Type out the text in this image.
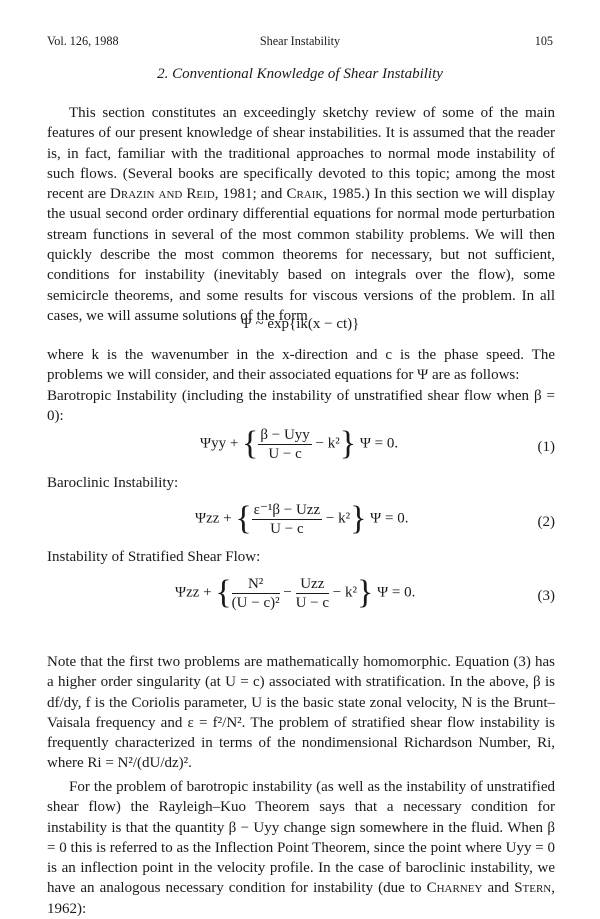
Vol. 126, 1988	Shear Instability	105
2. Conventional Knowledge of Shear Instability
This section constitutes an exceedingly sketchy review of some of the main features of our present knowledge of shear instabilities. It is assumed that the reader is, in fact, familiar with the traditional approaches to normal mode instability of such flows. (Several books are specifically devoted to this topic; among the most recent are Drazin and Reid, 1981; and Craik, 1985.) In this section we will display the usual second order ordinary differential equations for normal mode perturbation stream functions in several of the most common stability problems. We will then quickly describe the most common theorems for necessary, but not sufficient, conditions for instability (inevitably based on integrals over the flow), some semicircle theorems, and some results for viscous versions of the problem. In all cases, we will assume solutions of the form
Ψ ~ exp{ik(x − ct)}
where k is the wavenumber in the x-direction and c is the phase speed. The problems we will consider, and their associated equations for Ψ are as follows:
Barotropic Instability (including the instability of unstratified shear flow when β = 0):
Ψyy + { $\frac{\text{β − Uyy}}{U - c} - k^2$} Ψ = 0.	(1)
Baroclinic Instability:
Ψzz + { $\frac{\text{ε⁻¹β − Uzz}}{U - c} - k^2$} Ψ = 0.	(2)
Instability of Stratified Shear Flow:
Ψzz + { $\frac{\text{N²}}{\text{(U − c)²}} - \frac{\text{Uzz}}{U - c} - k^2$} Ψ = 0.	(3)
Note that the first two problems are mathematically homomorphic. Equation (3) has a higher order singularity (at U = c) associated with stratification. In the above, β is df/dy, f is the Coriolis parameter, U is the basic state zonal velocity, N is the Brunt–Vaisala frequency and ε = f²/N². The problem of stratified shear flow instability is frequently characterized in terms of the nondimensional Richardson Number, Ri, where Ri = N²/(dU/dz)².
For the problem of barotropic instability (as well as the instability of unstratified shear flow) the Rayleigh–Kuo Theorem says that a necessary condition for instability is that the quantity β − Uyy change sign somewhere in the fluid. When β = 0 this is referred to as the Inflection Point Theorem, since the point where Uyy = 0 is an inflection point in the velocity profile. In the case of baroclinic instability, we have an analogous necessary condition for instability (due to Charney and Stern, 1962):
